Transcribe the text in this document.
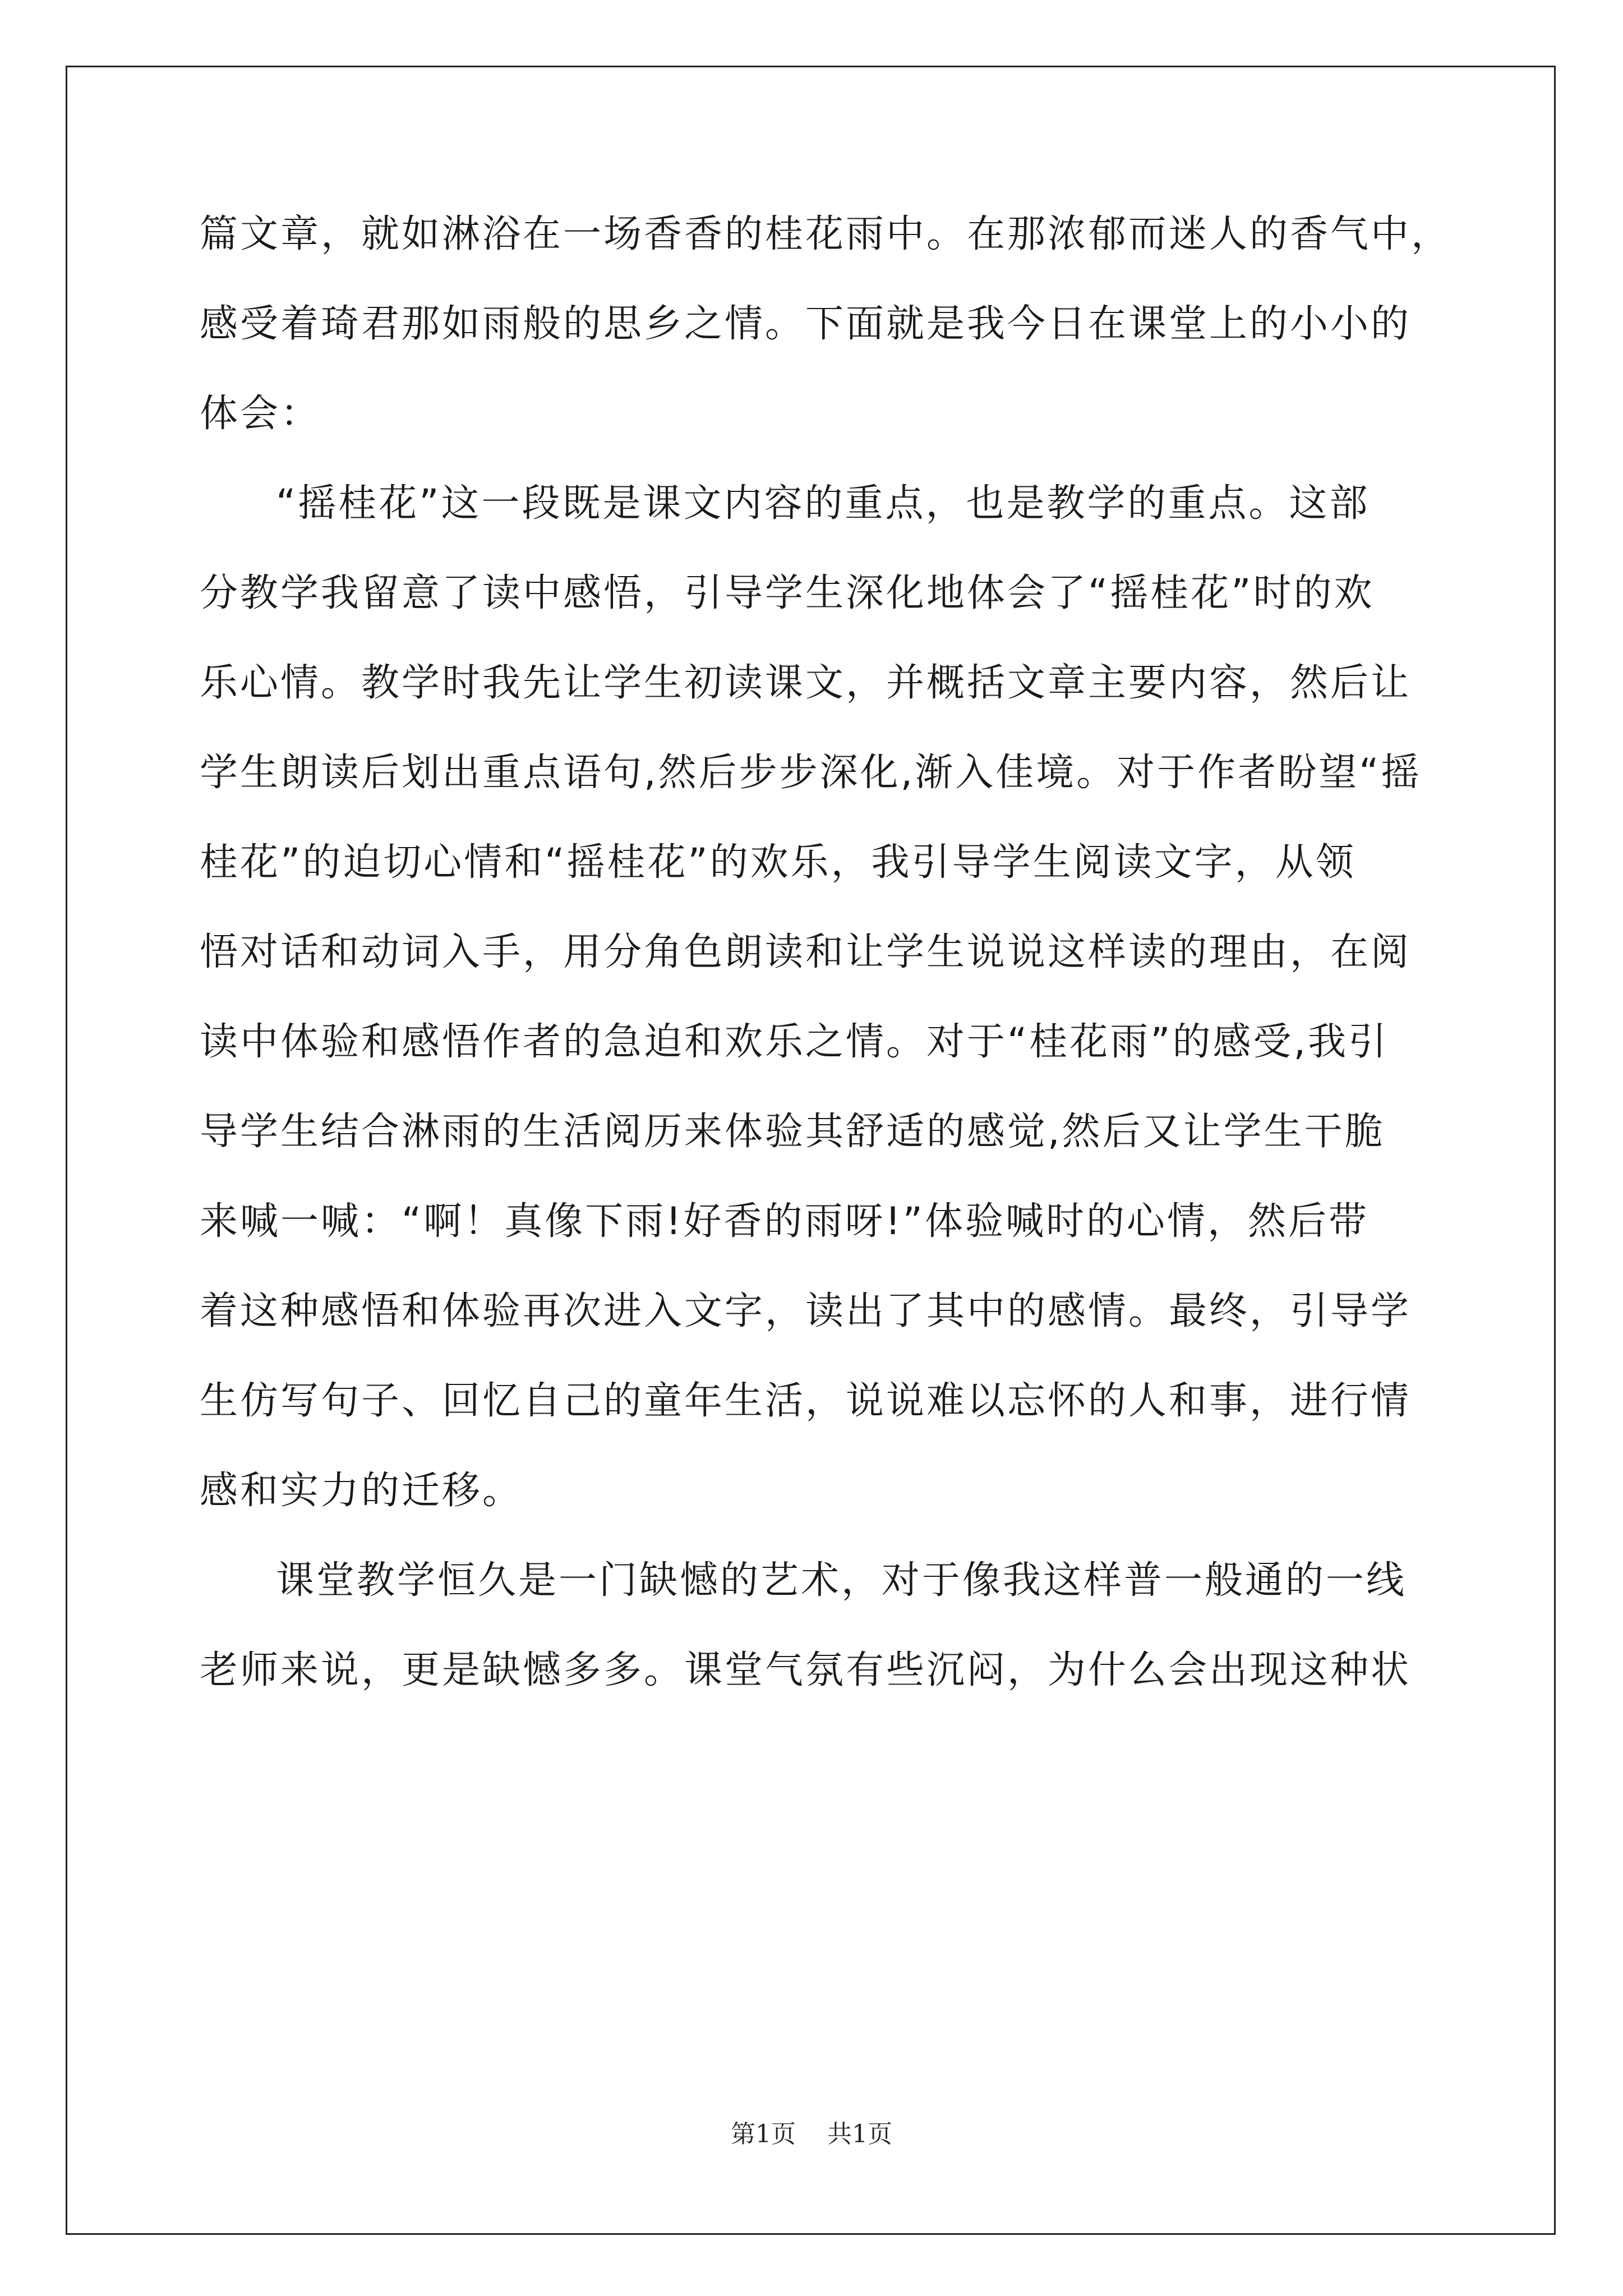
篇文章，就如淋浴在一场香香的桂花雨中。在那浓郁而迷人的香气中，
感受着琦君那如雨般的思乡之情。下面就是我今日在课堂上的小小的
体会：
“摇桂花”这一段既是课文内容的重点，也是教学的重点。这部
分教学我留意了读中感悟，引导学生深化地体会了“摇桂花”时的欢
乐心情。教学时我先让学生初读课文，并概括文章主要内容，然后让
学生朗读后划出重点语句,然后步步深化,渐入佳境。对于作者盼望“摇
桂花”的迫切心情和“摇桂花”的欢乐，我引导学生阅读文字，从领
悟对话和动词入手，用分角色朗读和让学生说说这样读的理由，在阅
读中体验和感悟作者的急迫和欢乐之情。对于“桂花雨”的感受,我引
导学生结合淋雨的生活阅历来体验其舒适的感觉,然后又让学生干脆
来喊一喊：“啊！真像下雨!好香的雨呀!”体验喊时的心情，然后带
着这种感悟和体验再次进入文字，读出了其中的感情。最终，引导学
生仿写句子、回忆自己的童年生活，说说难以忘怀的人和事，进行情
感和实力的迁移。
课堂教学恒久是一门缺憾的艺术，对于像我这样普一般通的一线
老师来说，更是缺憾多多。课堂气氛有些沉闷，为什么会出现这种状
第1页    共1页
